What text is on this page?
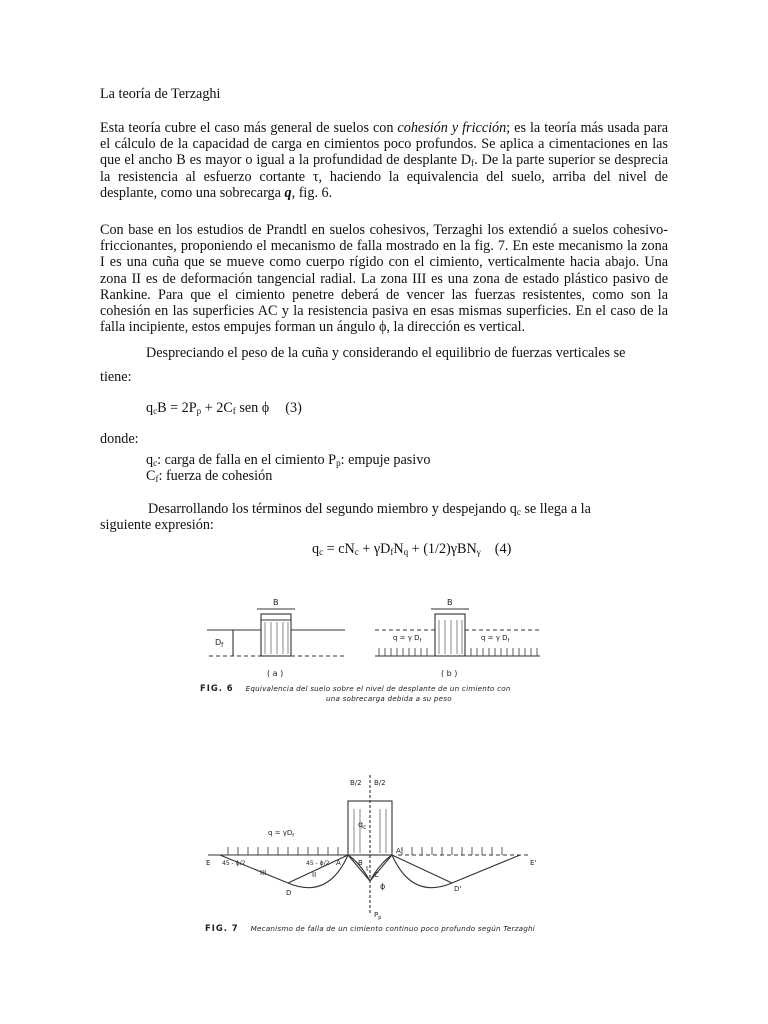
La teoría de Terzaghi

Esta teoría cubre el caso más general de suelos con cohesión y fricción; es la teoría más usada para el cálculo de la capacidad de carga en cimientos poco profundos. Se aplica a cimentaciones en las que el ancho B es mayor o igual a la profundidad de desplante $D_f$. De la parte superior se desprecia la resistencia al esfuerzo cortante τ, haciendo la equivalencia del suelo, arriba del nivel de desplante, como una sobrecarga q, fig. 6.

Con base en los estudios de Prandtl en suelos cohesivos, Terzaghi los extendió a suelos cohesivo-friccionantes, proponiendo el mecanismo de falla mostrado en la fig. 7. En este mecanismo la zona I es una cuña que se mueve como cuerpo rígido con el cimiento, verticalmente hacia abajo. Una zona II es de deformación tangencial radial. La zona III es una zona de estado plástico pasivo de Rankine. Para que el cimiento penetre deberá de vencer las fuerzas resistentes, como son la cohesión en las superficies AC y la resistencia pasiva en esas mismas superficies. En el caso de la falla incipiente, estos empujes forman un ángulo ϕ, la dirección es vertical.

Despreciando el peso de la cuña y considerando el equilibrio de fuerzas verticales se

tiene:

$q_cB = 2P_p + 2C_f$ sen ϕ (3)

donde:

$q_c$: carga de falla en el cimiento $P_p$: empuje pasivo

$C_f$: fuerza de cohesión

Desarrollando los términos del segundo miembro y despejando $q_c$ se llega a la

siguiente expresión:

$q_c = cN_c + \gamma D_fN_q + (1/2)\gamma BN_\gamma$ (4)

B	B
$D_f$
q = γ $D_f$	q = γ $D_f$
( a )	( b )

FIG. 6 Equivalencia del suelo sobre el nivel de desplante de un cimiento con

una sobrecarga debida a su peso

B/2 B/2
$q_c$
$q = \gamma D_f$
45 - ϕ/2	45 - ϕ/2
E	A B
A'
E'
C
D	D'
I
II
III
ϕ
$P_p$

FIG. 7 Mecanismo de falla de un cimiento continuo poco profundo según Terzaghi
